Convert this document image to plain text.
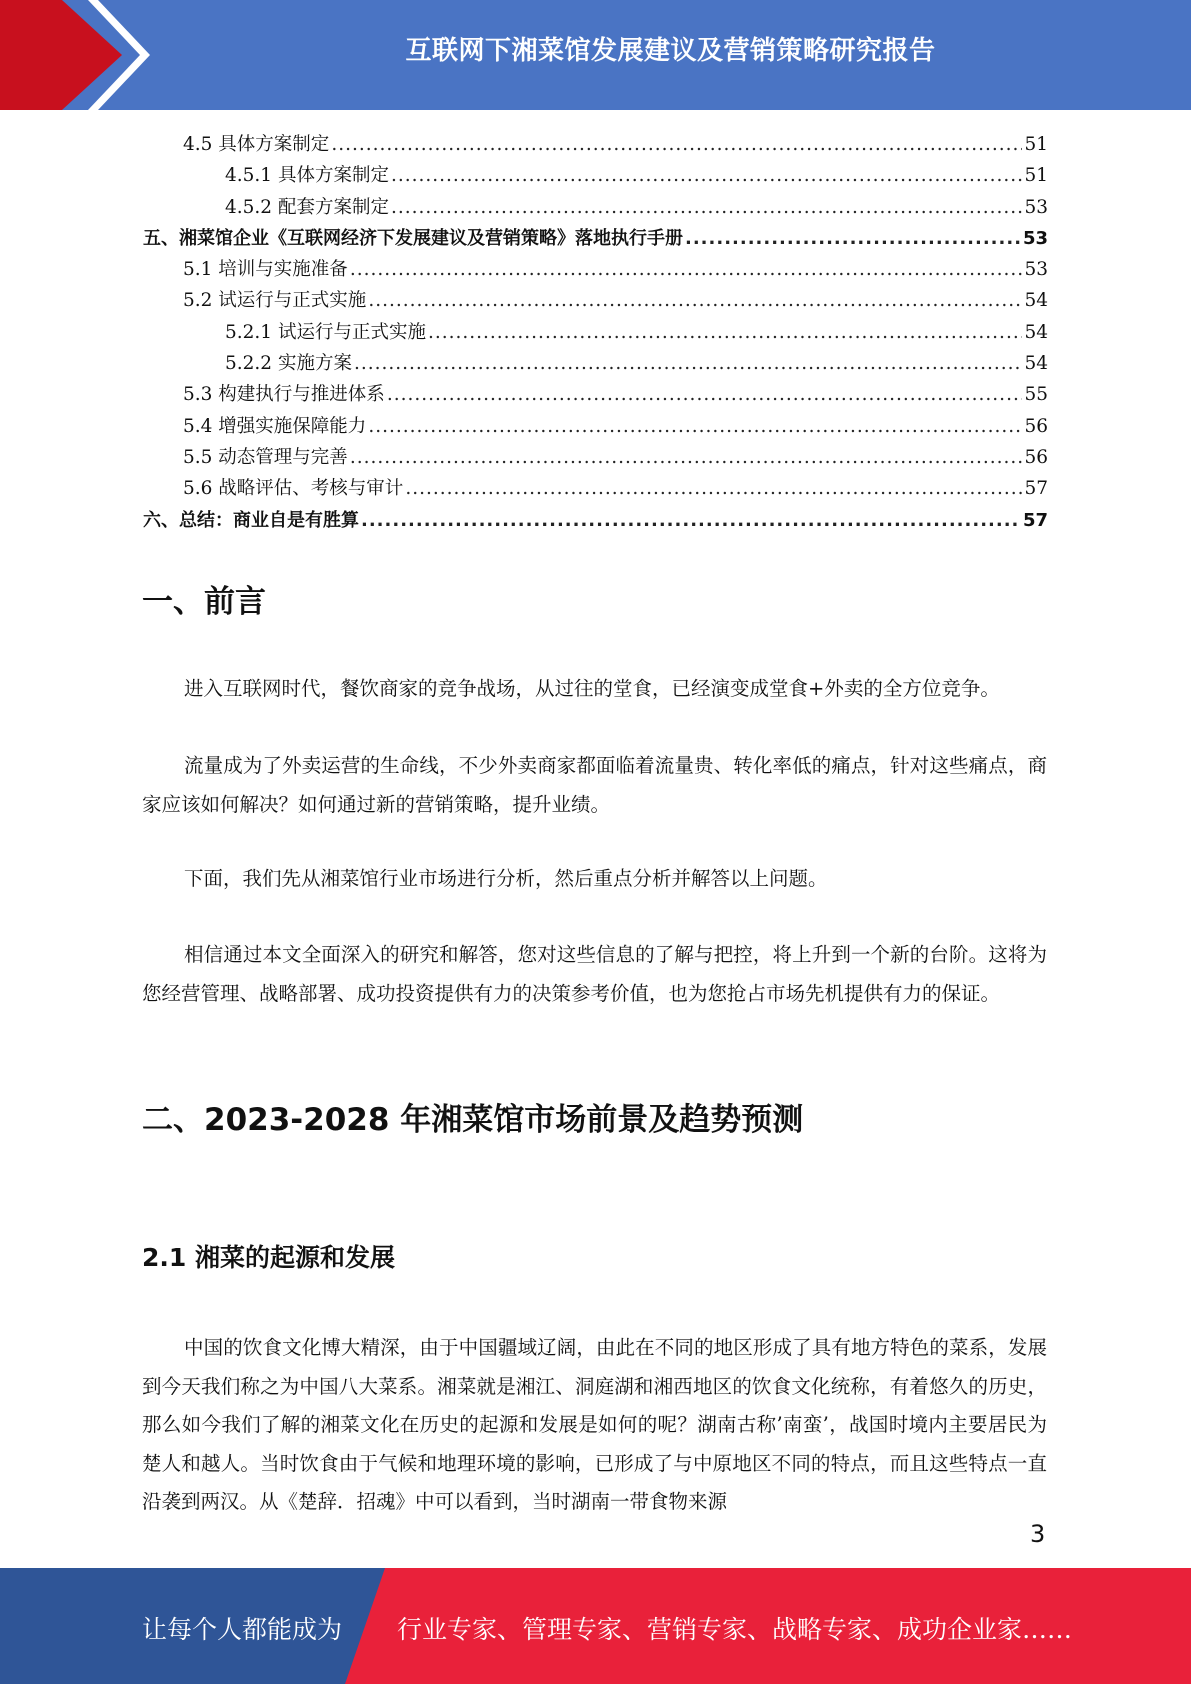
互联网下湘菜馆发展建议及营销策略研究报告
4.5 具体方案制定 .....	51
4.5.1 具体方案制定 .....	51
4.5.2 配套方案制定 .....	53
五、湘菜馆企业《互联网经济下发展建议及营销策略》落地执行手册 .....	53
5.1 培训与实施准备 .....	53
5.2 试运行与正式实施 .....	54
5.2.1 试运行与正式实施 .....	54
5.2.2 实施方案 .....	54
5.3 构建执行与推进体系 .....	55
5.4 增强实施保障能力 .....	56
5.5 动态管理与完善 .....	56
5.6 战略评估、考核与审计 .....	57
六、总结：商业自是有胜算 .....	57
一、前言

进入互联网时代，餐饮商家的竞争战场，从过往的堂食，已经演变成堂食+外卖的全方位竞争。

流量成为了外卖运营的生命线，不少外卖商家都面临着流量贵、转化率低的痛点，针对这些痛点，商家应该如何解决？如何通过新的营销策略，提升业绩。

下面，我们先从湘菜馆行业市场进行分析，然后重点分析并解答以上问题。

相信通过本文全面深入的研究和解答，您对这些信息的了解与把控，将上升到一个新的台阶。这将为您经营管理、战略部署、成功投资提供有力的决策参考价值，也为您抢占市场先机提供有力的保证。

二、2023-2028 年湘菜馆市场前景及趋势预测
2.1 湘菜的起源和发展

中国的饮食文化博大精深，由于中国疆域辽阔，由此在不同的地区形成了具有地方特色的菜系，发展到今天我们称之为中国八大菜系。湘菜就是湘江、洞庭湖和湘西地区的饮食文化统称，有着悠久的历史，那么如今我们了解的湘菜文化在历史的起源和发展是如何的呢？湖南古称’南蛮’，战国时境内主要居民为楚人和越人。当时饮食由于气候和地理环境的影响，已形成了与中原地区不同的特点，而且这些特点一直沿袭到两汉。从《楚辞．招魂》中可以看到，当时湖南一带食物来源

3
让每个人都能成为 行业专家、管理专家、营销专家、战略专家、成功企业家……
